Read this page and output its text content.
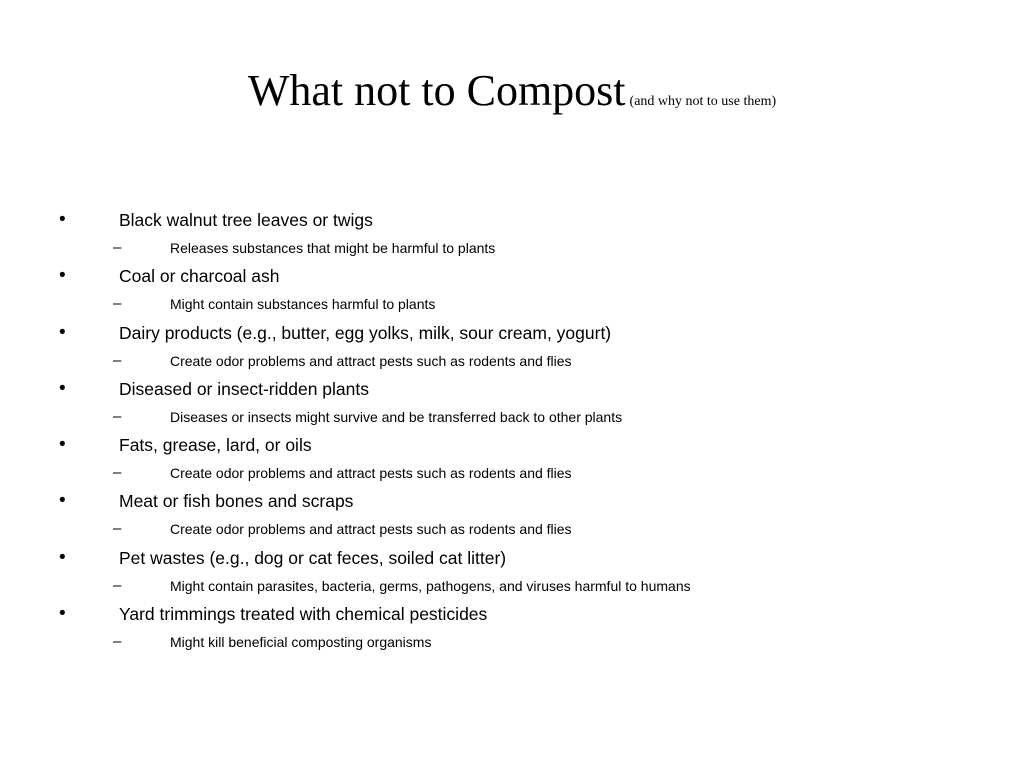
What not to Compost (and why not to use them)
•	Black walnut tree leaves or twigs
–	Releases substances that might be harmful to plants
•	Coal or charcoal ash
–	Might contain substances harmful to plants
•	Dairy products (e.g., butter, egg yolks, milk, sour cream, yogurt)
–	Create odor problems and attract pests such as rodents and flies
•	Diseased or insect-ridden plants
–	Diseases or insects might survive and be transferred back to other plants
•	Fats, grease, lard, or oils
–	Create odor problems and attract pests such as rodents and flies
•	Meat or fish bones and scraps
–	Create odor problems and attract pests such as rodents and flies
•	Pet wastes (e.g., dog or cat feces, soiled cat litter)
–	Might contain parasites, bacteria, germs, pathogens, and viruses harmful to humans
•	Yard trimmings treated with chemical pesticides
–	Might kill beneficial composting organisms
